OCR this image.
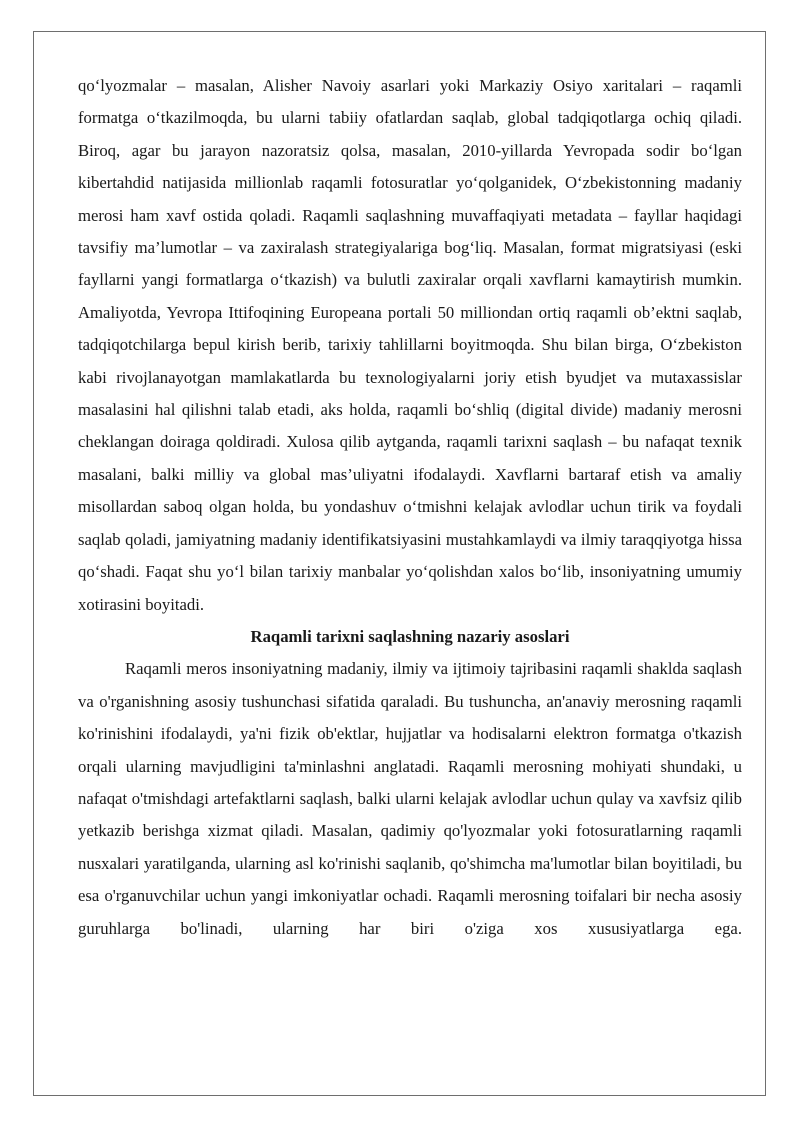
qo‘lyozmalar – masalan, Alisher Navoiy asarlari yoki Markaziy Osiyo xaritalari – raqamli formatga o‘tkazilmoqda, bu ularni tabiiy ofatlardan saqlab, global tadqiqotlarga ochiq qiladi. Biroq, agar bu jarayon nazoratsiz qolsa, masalan, 2010-yillarda Yevropada sodir bo‘lgan kibertahdid natijasida millionlab raqamli fotosuratlar yo‘qolganidek, O‘zbekistonning madaniy merosi ham xavf ostida qoladi. Raqamli saqlashning muvaffaqiyati metadata – fayllar haqidagi tavsifiy ma’lumotlar – va zaxiralash strategiyalariga bog‘liq. Masalan, format migratsiyasi (eski fayllarni yangi formatlarga o‘tkazish) va bulutli zaxiralar orqali xavflarni kamaytirish mumkin. Amaliyotda, Yevropa Ittifoqining Europeana portali 50 milliondan ortiq raqamli ob’ektni saqlab, tadqiqotchilarga bepul kirish berib, tarixiy tahlillarni boyitmoqda. Shu bilan birga, O‘zbekiston kabi rivojlanayotgan mamlakatlarda bu texnologiyalarni joriy etish byudjet va mutaxassislar masalasini hal qilishni talab etadi, aks holda, raqamli bo‘shliq (digital divide) madaniy merosni cheklangan doiraga qoldiradi. Xulosa qilib aytganda, raqamli tarixni saqlash – bu nafaqat texnik masalani, balki milliy va global mas’uliyatni ifodalaydi. Xavflarni bartaraf etish va amaliy misollardan saboq olgan holda, bu yondashuv o‘tmishni kelajak avlodlar uchun tirik va foydali saqlab qoladi, jamiyatning madaniy identifikatsiyasini mustahkamlaydi va ilmiy taraqqiyotga hissa qo‘shadi. Faqat shu yo‘l bilan tarixiy manbalar yo‘qolishdan xalos bo‘lib, insoniyatning umumiy xotirasini boyitadi.

Raqamli tarixni saqlashning nazariy asoslari

Raqamli meros insoniyatning madaniy, ilmiy va ijtimoiy tajribasini raqamli shaklda saqlash va o'rganishning asosiy tushunchasi sifatida qaraladi. Bu tushuncha, an'anaviy merosning raqamli ko'rinishini ifodalaydi, ya'ni fizik ob'ektlar, hujjatlar va hodisalarni elektron formatga o'tkazish orqali ularning mavjudligini ta'minlashni anglatadi. Raqamli merosning mohiyati shundaki, u nafaqat o'tmishdagi artefaktlarni saqlash, balki ularni kelajak avlodlar uchun qulay va xavfsiz qilib yetkazib berishga xizmat qiladi. Masalan, qadimiy qo'lyozmalar yoki fotosuratlarning raqamli nusxalari yaratilganda, ularning asl ko'rinishi saqlanib, qo'shimcha ma'lumotlar bilan boyitiladi, bu esa o'rganuvchilar uchun yangi imkoniyatlar ochadi. Raqamli merosning toifalari bir necha asosiy guruhlarga bo'linadi, ularning har biri o'ziga xos xususiyatlarga ega.
